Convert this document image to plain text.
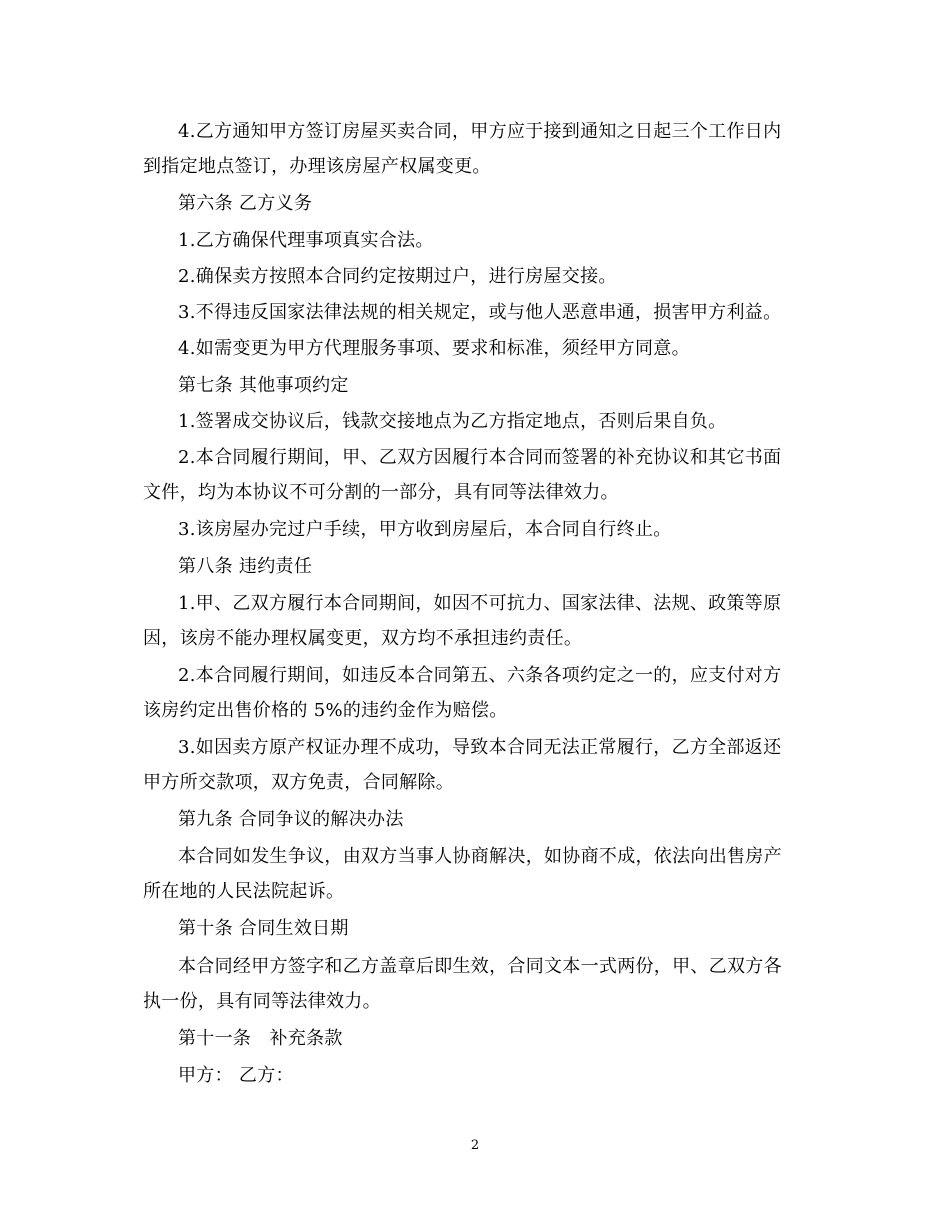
4.乙方通知甲方签订房屋买卖合同，甲方应于接到通知之日起三个工作日内
到指定地点签订，办理该房屋产权属变更。
第六条 乙方义务
1.乙方确保代理事项真实合法。
2.确保卖方按照本合同约定按期过户，进行房屋交接。
3.不得违反国家法律法规的相关规定，或与他人恶意串通，损害甲方利益。
4.如需变更为甲方代理服务事项、要求和标准，须经甲方同意。
第七条 其他事项约定
1.签署成交协议后，钱款交接地点为乙方指定地点，否则后果自负。
2.本合同履行期间，甲、乙双方因履行本合同而签署的补充协议和其它书面
文件，均为本协议不可分割的一部分，具有同等法律效力。
3.该房屋办完过户手续，甲方收到房屋后，本合同自行终止。
第八条 违约责任
1.甲、乙双方履行本合同期间，如因不可抗力、国家法律、法规、政策等原
因，该房不能办理权属变更，双方均不承担违约责任。
2.本合同履行期间，如违反本合同第五、六条各项约定之一的，应支付对方
该房约定出售价格的 5%的违约金作为赔偿。
3.如因卖方原产权证办理不成功，导致本合同无法正常履行，乙方全部返还
甲方所交款项，双方免责，合同解除。
第九条 合同争议的解决办法
本合同如发生争议，由双方当事人协商解决，如协商不成，依法向出售房产
所在地的人民法院起诉。
第十条 合同生效日期
本合同经甲方签字和乙方盖章后即生效，合同文本一式两份，甲、乙双方各
执一份，具有同等法律效力。
第十一条　补充条款
甲方： 乙方：
2
